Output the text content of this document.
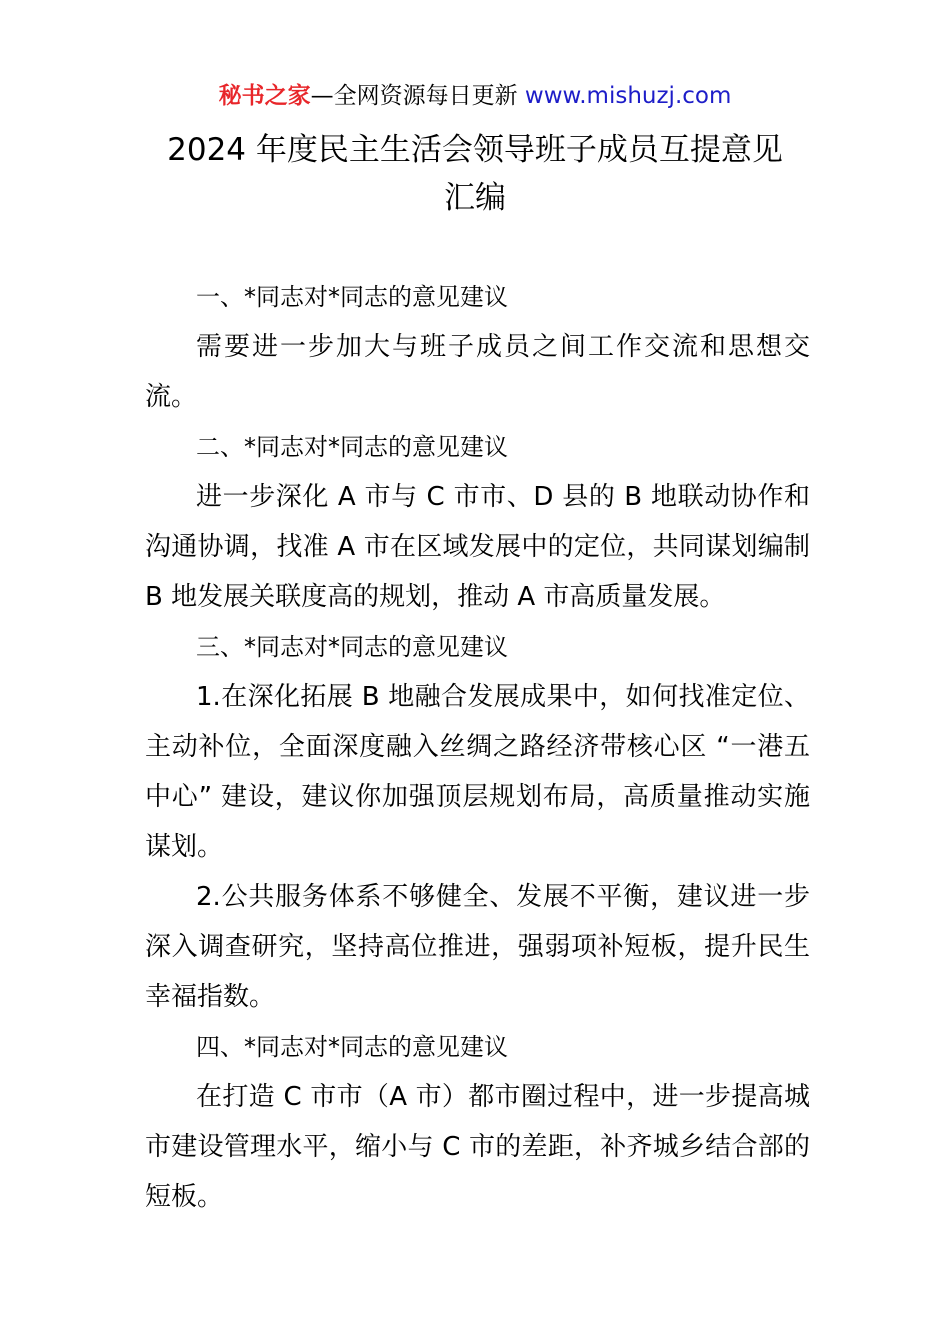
秘书之家—全网资源每日更新 www.mishuzj.com
2024 年度民主生活会领导班子成员互提意见
汇编

一、*同志对*同志的意见建议

需要进一步加大与班子成员之间工作交流和思想交流。

二、*同志对*同志的意见建议

进一步深化 A 市与 C 市市、D 县的 B 地联动协作和沟通协调，找准 A 市在区域发展中的定位，共同谋划编制 B 地发展关联度高的规划，推动 A 市高质量发展。

三、*同志对*同志的意见建议

1.在深化拓展 B 地融合发展成果中，如何找准定位、主动补位，全面深度融入丝绸之路经济带核心区 “一港五中心” 建设，建议你加强顶层规划布局，高质量推动实施谋划。

2.公共服务体系不够健全、发展不平衡，建议进一步深入调查研究，坚持高位推进，强弱项补短板，提升民生幸福指数。

四、*同志对*同志的意见建议

在打造 C 市市（A 市）都市圈过程中，进一步提高城市建设管理水平，缩小与 C 市的差距，补齐城乡结合部的短板。
